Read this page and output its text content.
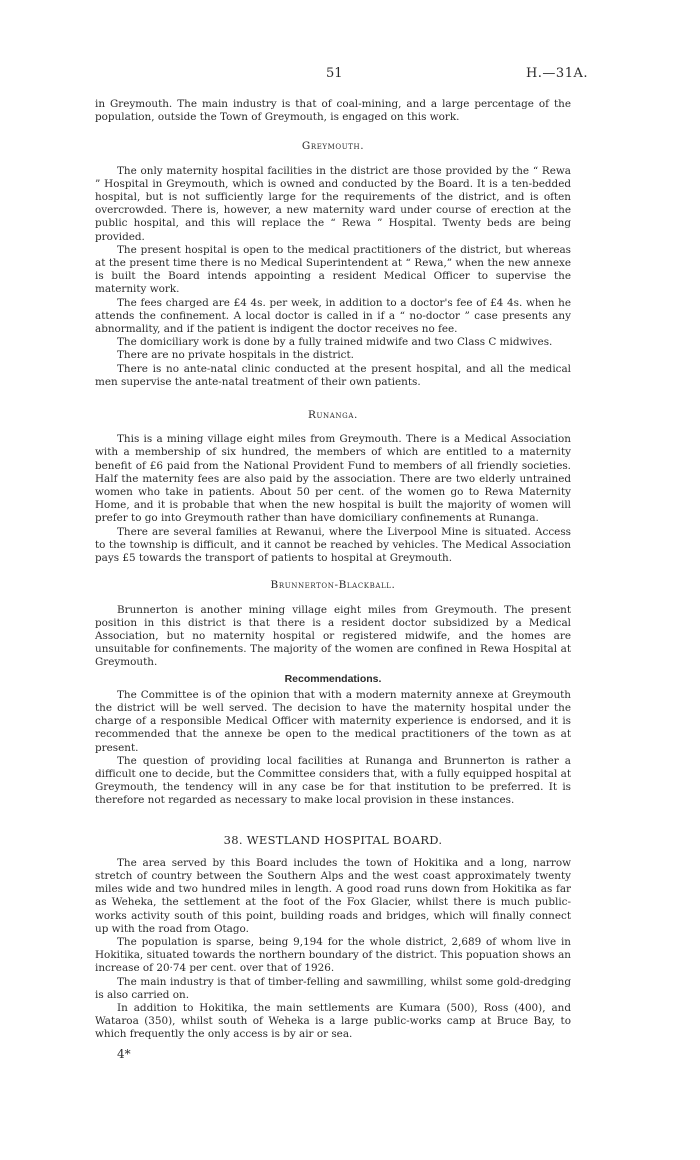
51	H.—31A.

in Greymouth. The main industry is that of coal-mining, and a large percentage of the population, outside the Town of Greymouth, is engaged on this work.

Greymouth.

The only maternity hospital facilities in the district are those provided by the “ Rewa ” Hospital in Greymouth, which is owned and conducted by the Board. It is a ten-bedded hospital, but is not sufficiently large for the requirements of the district, and is often overcrowded. There is, however, a new maternity ward under course of erection at the public hospital, and this will replace the “ Rewa ” Hospital. Twenty beds are being provided.

The present hospital is open to the medical practitioners of the district, but whereas at the present time there is no Medical Superintendent at “ Rewa,” when the new annexe is built the Board intends appointing a resident Medical Officer to supervise the maternity work.

The fees charged are £4 4s. per week, in addition to a doctor's fee of £4 4s. when he attends the confinement. A local doctor is called in if a “ no-doctor ” case presents any abnormality, and if the patient is indigent the doctor receives no fee.

The domiciliary work is done by a fully trained midwife and two Class C midwives.

There are no private hospitals in the district.

There is no ante-natal clinic conducted at the present hospital, and all the medical men supervise the ante-natal treatment of their own patients.

Runanga.

This is a mining village eight miles from Greymouth. There is a Medical Association with a membership of six hundred, the members of which are entitled to a maternity benefit of £6 paid from the National Provident Fund to members of all friendly societies. Half the maternity fees are also paid by the association. There are two elderly untrained women who take in patients. About 50 per cent. of the women go to Rewa Maternity Home, and it is probable that when the new hospital is built the majority of women will prefer to go into Greymouth rather than have domiciliary confinements at Runanga.

There are several families at Rewanui, where the Liverpool Mine is situated. Access to the township is difficult, and it cannot be reached by vehicles. The Medical Association pays £5 towards the transport of patients to hospital at Greymouth.

Brunnerton-Blackball.

Brunnerton is another mining village eight miles from Greymouth. The present position in this district is that there is a resident doctor subsidized by a Medical Association, but no maternity hospital or registered midwife, and the homes are unsuitable for confinements. The majority of the women are confined in Rewa Hospital at Greymouth.

Recommendations.

The Committee is of the opinion that with a modern maternity annexe at Greymouth the district will be well served. The decision to have the maternity hospital under the charge of a responsible Medical Officer with maternity experience is endorsed, and it is recommended that the annexe be open to the medical practitioners of the town as at present.

The question of providing local facilities at Runanga and Brunnerton is rather a difficult one to decide, but the Committee considers that, with a fully equipped hospital at Greymouth, the tendency will in any case be for that institution to be preferred. It is therefore not regarded as necessary to make local provision in these instances.

38. WESTLAND HOSPITAL BOARD.

The area served by this Board includes the town of Hokitika and a long, narrow stretch of country between the Southern Alps and the west coast approximately twenty miles wide and two hundred miles in length. A good road runs down from Hokitika as far as Weheka, the settlement at the foot of the Fox Glacier, whilst there is much public-works activity south of this point, building roads and bridges, which will finally connect up with the road from Otago.

The population is sparse, being 9,194 for the whole district, 2,689 of whom live in Hokitika, situated towards the northern boundary of the district. This popuation shows an increase of 20·74 per cent. over that of 1926.

The main industry is that of timber-felling and sawmilling, whilst some gold-dredging is also carried on.

In addition to Hokitika, the main settlements are Kumara (500), Ross (400), and Wataroa (350), whilst south of Weheka is a large public-works camp at Bruce Bay, to which frequently the only access is by air or sea.

4*
